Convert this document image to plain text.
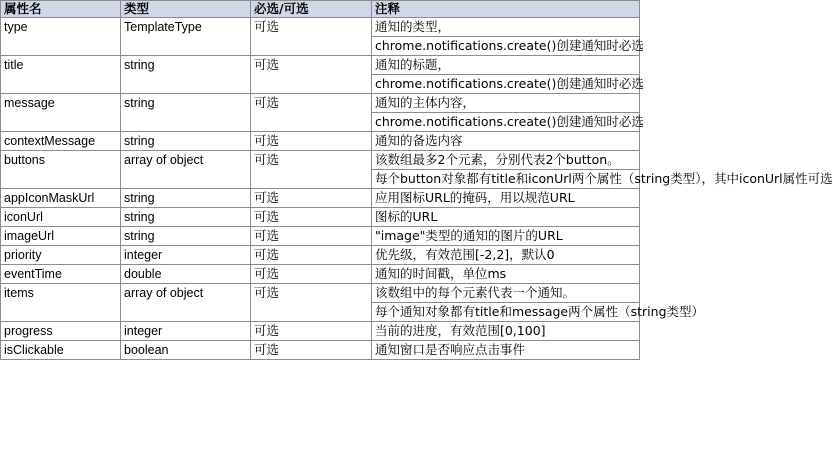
属性名	类型	必选/可选	注释
type	TemplateType	可选	通知的类型，
			chrome.notifications.create()创建通知时必选
title	string	可选	通知的标题，
			chrome.notifications.create()创建通知时必选
message	string	可选	通知的主体内容，
			chrome.notifications.create()创建通知时必选
contextMessage	string	可选	通知的备选内容
buttons	array of object	可选	该数组最多2个元素，分别代表2个button。
			每个button对象都有title和iconUrl两个属性（string类型），其中iconUrl属性可选
appIconMaskUrl	string	可选	应用图标URL的掩码，用以规范URL
iconUrl	string	可选	图标的URL
imageUrl	string	可选	"image"类型的通知的图片的URL
priority	integer	可选	优先级，有效范围[-2,2]，默认0
eventTime	double	可选	通知的时间戳，单位ms
items	array of object	可选	该数组中的每个元素代表一个通知。
			每个通知对象都有title和message两个属性（string类型）
progress	integer	可选	当前的进度，有效范围[0,100]
isClickable	boolean	可选	通知窗口是否响应点击事件
